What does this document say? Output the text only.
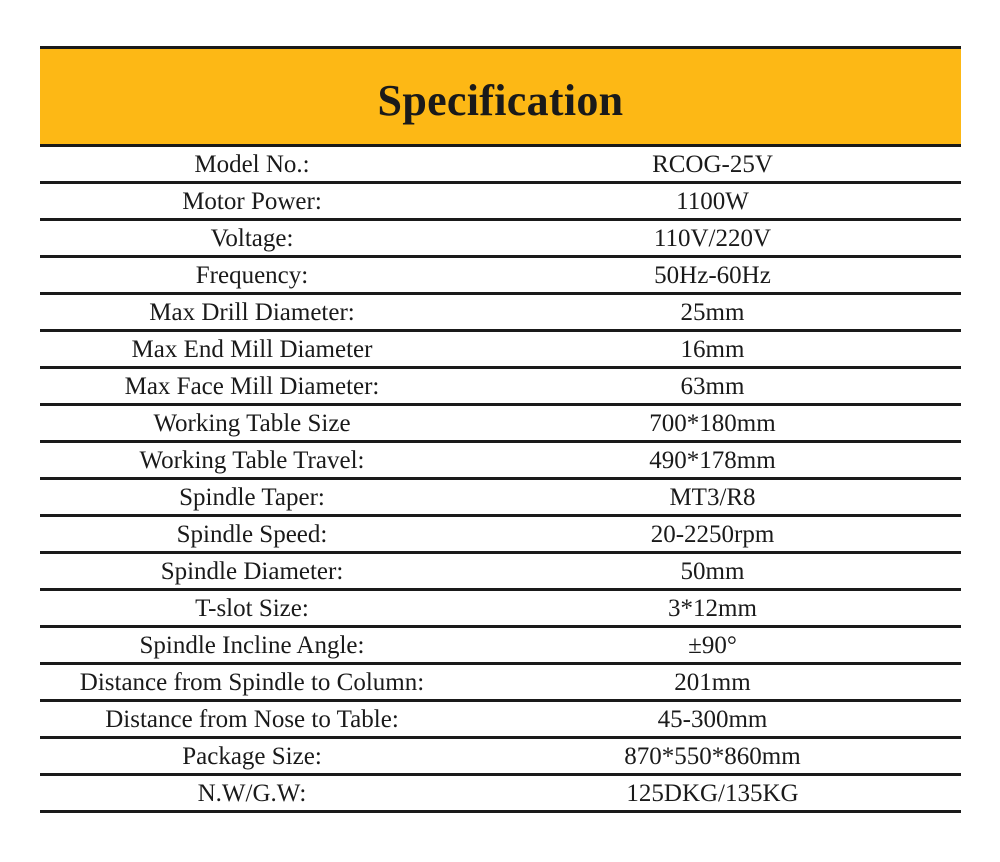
Specification
Model No.:	RCOG-25V
Motor Power:	1100W
Voltage:	110V/220V
Frequency:	50Hz-60Hz
Max Drill Diameter:	25mm
Max End Mill Diameter	16mm
Max Face Mill Diameter:	63mm
Working Table Size	700*180mm
Working Table Travel:	490*178mm
Spindle Taper:	MT3/R8
Spindle Speed:	20-2250rpm
Spindle Diameter:	50mm
T-slot Size:	3*12mm
Spindle Incline Angle:	±90°
Distance from Spindle to Column:	201mm
Distance from Nose to Table:	45-300mm
Package Size:	870*550*860mm
N.W/G.W:	125DKG/135KG
